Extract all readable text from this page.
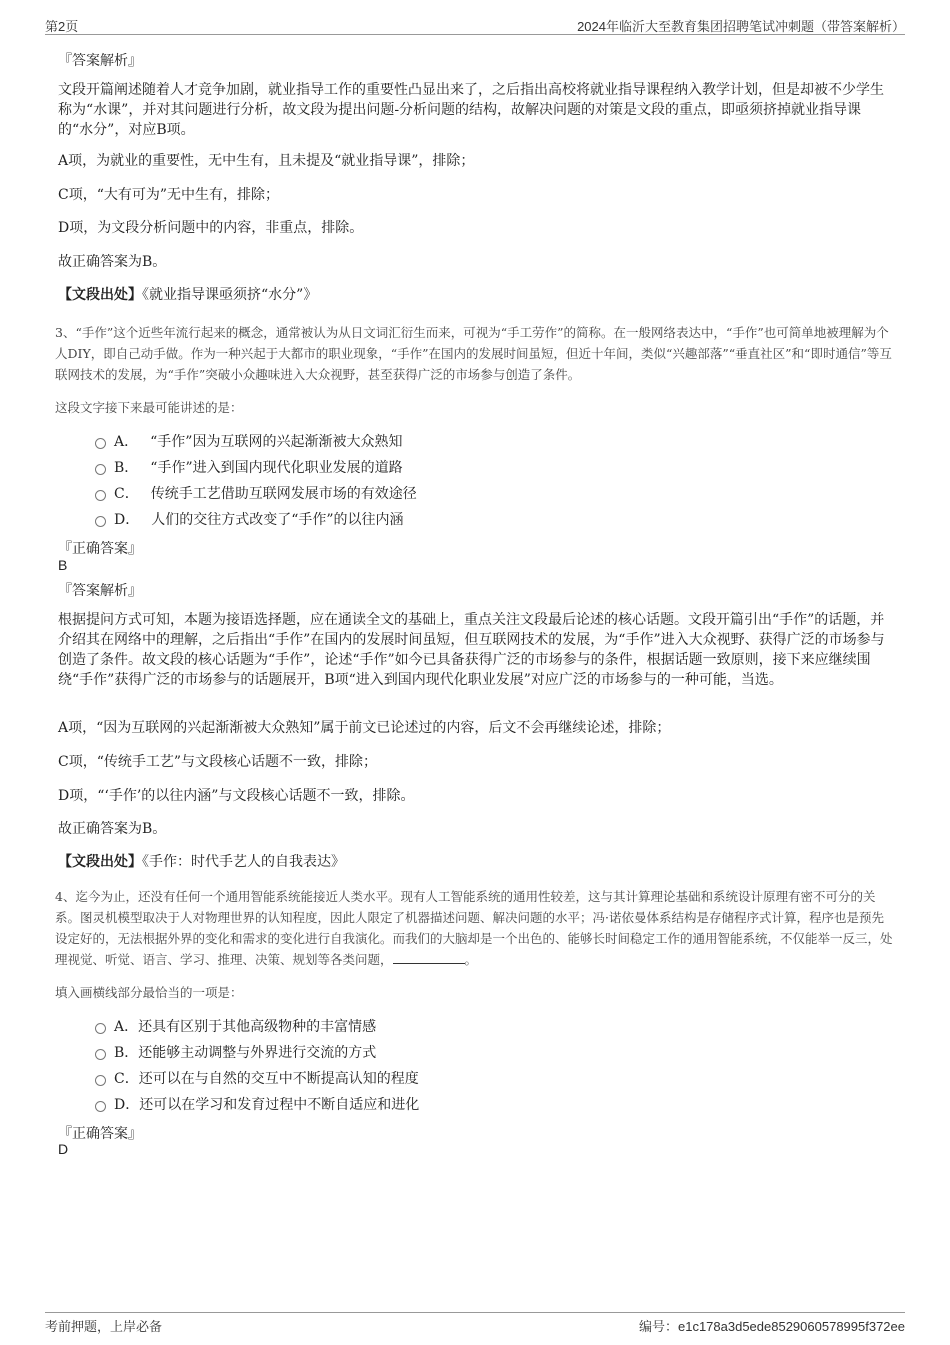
第2页	2024年临沂大至教育集团招聘笔试冲刺题（带答案解析）
『答案解析』
文段开篇阐述随着人才竞争加剧，就业指导工作的重要性凸显出来了，之后指出高校将就业指导课程纳入教学计划，但是却被不少学生称为“水课”，并对其问题进行分析，故文段为提出问题-分析问题的结构，故解决问题的对策是文段的重点，即亟须挤掉就业指导课的“水分”，对应B项。
A项，为就业的重要性，无中生有，且未提及“就业指导课”，排除；
C项，“大有可为”无中生有，排除；
D项，为文段分析问题中的内容，非重点，排除。
故正确答案为B。
【文段出处】《就业指导课亟须挤“水分”》
3、“手作”这个近些年流行起来的概念，通常被认为从日文词汇衍生而来，可视为“手工劳作”的简称。在一般网络表达中，“手作”也可简单地被理解为个人DIY，即自己动手做。作为一种兴起于大都市的职业现象，“手作”在国内的发展时间虽短，但近十年间，类似“兴趣部落”“垂直社区”和“即时通信”等互联网技术的发展，为“手作”突破小众趣味进入大众视野，甚至获得广泛的市场参与创造了条件。
这段文字接下来最可能讲述的是：
A． “手作”因为互联网的兴起渐渐被大众熟知
B． “手作”进入到国内现代化职业发展的道路
C． 传统手工艺借助互联网发展市场的有效途径
D． 人们的交往方式改变了“手作”的以往内涵
『正确答案』
B
『答案解析』
根据提问方式可知，本题为接语选择题，应在通读全文的基础上，重点关注文段最后论述的核心话题。文段开篇引出“手作”的话题，并介绍其在网络中的理解，之后指出“手作”在国内的发展时间虽短，但互联网技术的发展，为“手作”进入大众视野、获得广泛的市场参与创造了条件。故文段的核心话题为“手作”，论述“手作”如今已具备获得广泛的市场参与的条件，根据话题一致原则，接下来应继续围绕“手作”获得广泛的市场参与的话题展开，B项“进入到国内现代化职业发展”对应广泛的市场参与的一种可能，当选。
A项，“因为互联网的兴起渐渐被大众熟知”属于前文已论述过的内容，后文不会再继续论述，排除；
C项，“传统手工艺”与文段核心话题不一致，排除；
D项，“‘手作’的以往内涵”与文段核心话题不一致，排除。
故正确答案为B。
【文段出处】《手作：时代手艺人的自我表达》
4、迄今为止，还没有任何一个通用智能系统能接近人类水平。现有人工智能系统的通用性较差，这与其计算理论基础和系统设计原理有密不可分的关系。图灵机模型取决于人对物理世界的认知程度，因此人限定了机器描述问题、解决问题的水平；冯·诺依曼体系结构是存储程序式计算，程序也是预先设定好的，无法根据外界的变化和需求的变化进行自我演化。而我们的大脑却是一个出色的、能够长时间稳定工作的通用智能系统，不仅能举一反三，处理视觉、听觉、语言、学习、推理、决策、规划等各类问题，	。
填入画横线部分最恰当的一项是：
A． 还具有区别于其他高级物种的丰富情感
B． 还能够主动调整与外界进行交流的方式
C． 还可以在与自然的交互中不断提高认知的程度
D． 还可以在学习和发育过程中不断自适应和进化
『正确答案』
D
考前押题，上岸必备	编号：e1c178a3d5ede8529060578995f372ee
